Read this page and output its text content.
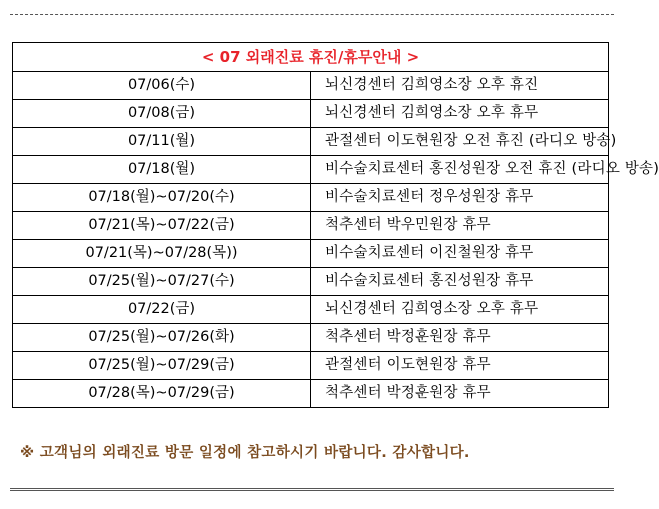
< 07 외래진료 휴진/휴무안내 >	
07/06(수)	뇌신경센터 김희영소장 오후 휴진
07/08(금)	뇌신경센터 김희영소장 오후 휴무
07/11(월)	관절센터 이도현원장 오전 휴진 (라디오 방송)
07/18(월)	비수술치료센터 홍진성원장 오전 휴진 (라디오 방송)
07/18(월)~07/20(수)	비수술치료센터 정우성원장 휴무
07/21(목)~07/22(금)	척추센터 박우민원장 휴무
07/21(목)~07/28(목))	비수술치료센터 이진철원장 휴무
07/25(월)~07/27(수)	비수술치료센터 홍진성원장 휴무
07/22(금)	뇌신경센터 김희영소장 오후 휴무
07/25(월)~07/26(화)	척추센터 박정훈원장 휴무
07/25(월)~07/29(금)	관절센터 이도현원장 휴무
07/28(목)~07/29(금)	척추센터 박정훈원장 휴무
※ 고객님의 외래진료 방문 일정에 참고하시기 바랍니다. 감사합니다.
